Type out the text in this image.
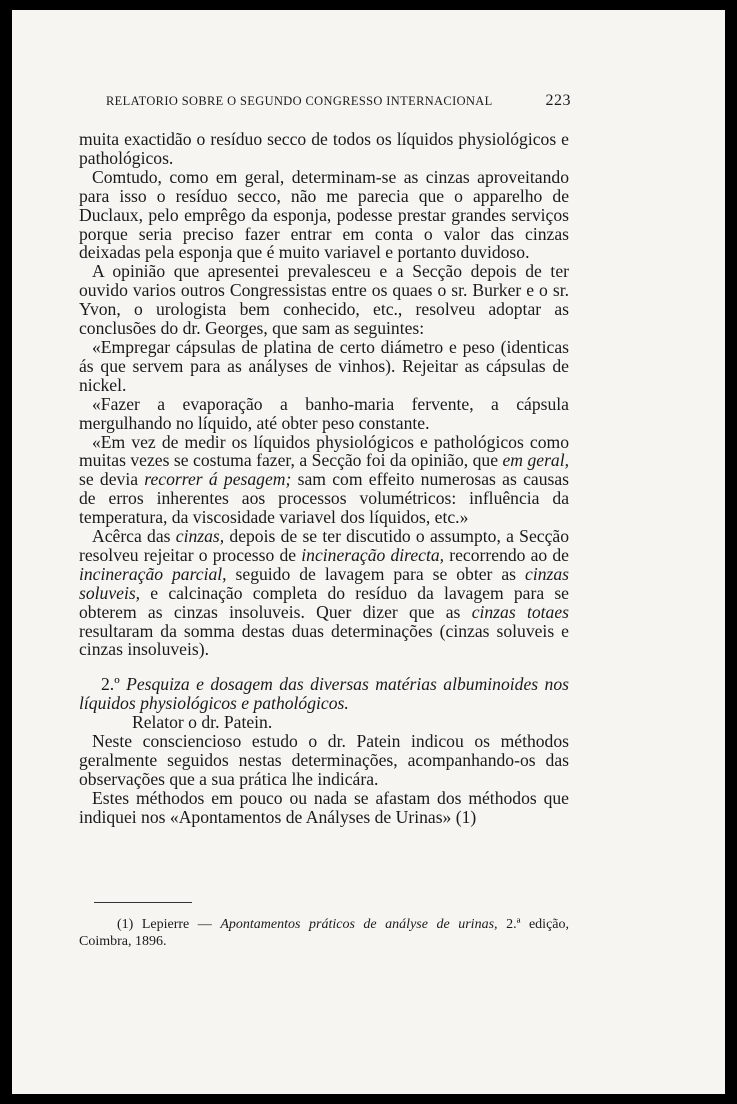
RELATORIO SOBRE O SEGUNDO CONGRESSO INTERNACIONAL	223

muita exactidão o resíduo secco de todos os líquidos physiológicos e pathológicos.

Comtudo, como em geral, determinam-se as cinzas aproveitando para isso o resíduo secco, não me parecia que o apparelho de Duclaux, pelo emprêgo da esponja, podesse prestar grandes serviços porque seria preciso fazer entrar em conta o valor das cinzas deixadas pela esponja que é muito variavel e portanto duvidoso.

A opinião que apresentei prevalesceu e a Secção depois de ter ouvido varios outros Congressistas entre os quaes o sr. Burker e o sr. Yvon, o urologista bem conhecido, etc., resolveu adoptar as conclusões do dr. Georges, que sam as seguintes:

«Empregar cápsulas de platina de certo diámetro e peso (identicas ás que servem para as anályses de vinhos). Rejeitar as cápsulas de nickel.

«Fazer a evaporação a banho-maria fervente, a cápsula mergulhando no líquido, até obter peso constante.

«Em vez de medir os líquidos physiológicos e pathológicos como muitas vezes se costuma fazer, a Secção foi da opinião, que em geral, se devia recorrer á pesagem; sam com effeito numerosas as causas de erros inherentes aos processos volumétricos: influência da temperatura, da viscosidade variavel dos líquidos, etc.»

Acêrca das cinzas, depois de se ter discutido o assumpto, a Secção resolveu rejeitar o processo de incineração directa, recorrendo ao de incineração parcial, seguido de lavagem para se obter as cinzas soluveis, e calcinação completa do resíduo da lavagem para se obterem as cinzas insoluveis. Quer dizer que as cinzas totaes resultaram da somma destas duas determinações (cinzas soluveis e cinzas insoluveis).

2.º Pesquiza e dosagem das diversas matérias albuminoides nos líquidos physiológicos e pathológicos.

Relator o dr. Patein.

Neste consciencioso estudo o dr. Patein indicou os méthodos geralmente seguidos nestas determinações, acompanhando-os das observações que a sua prática lhe indicára.

Estes méthodos em pouco ou nada se afastam dos méthodos que indiquei nos «Apontamentos de Anályses de Urinas» (1)

(1) Lepierre — Apontamentos práticos de anályse de urinas, 2.ª edição, Coimbra, 1896.
